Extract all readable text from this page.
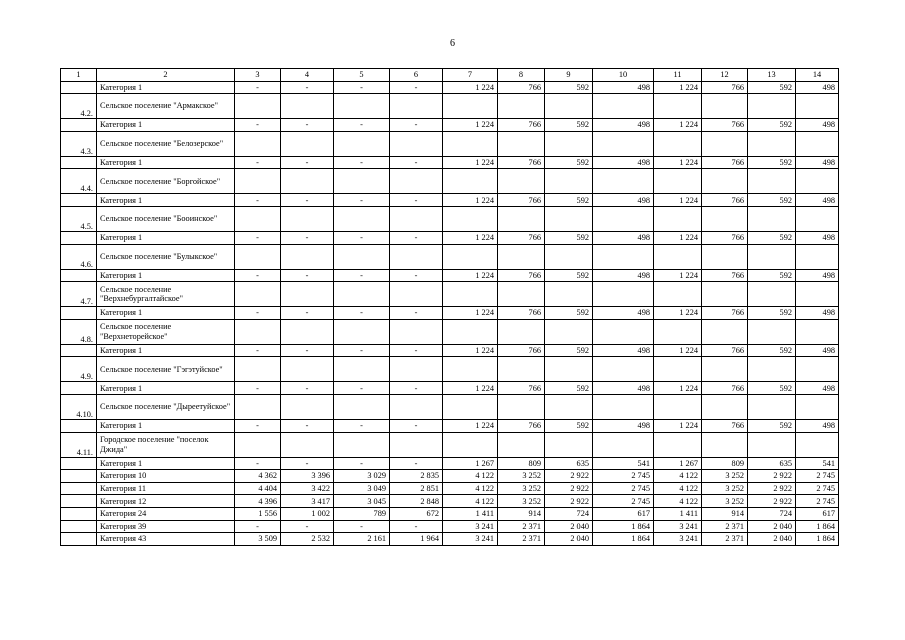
6
1	2	3	4	5	6	7	8	9	10	11	12	13	14
	Категория 1	-	-	-	-	1 224	766	592	498	1 224	766	592	498
4.2.	Сельское поселение "Армакское"												
	Категория 1	-	-	-	-	1 224	766	592	498	1 224	766	592	498
4.3.	Сельское поселение "Белозерское"												
	Категория 1	-	-	-	-	1 224	766	592	498	1 224	766	592	498
4.4.	Сельское поселение "Боргойское"												
	Категория 1	-	-	-	-	1 224	766	592	498	1 224	766	592	498
4.5.	Сельское поселение "Бооинское"												
	Категория 1	-	-	-	-	1 224	766	592	498	1 224	766	592	498
4.6.	Сельское поселение "Булыкское"												
	Категория 1	-	-	-	-	1 224	766	592	498	1 224	766	592	498
4.7.	Сельское поселение "Верхнебургалтайское"												
	Категория 1	-	-	-	-	1 224	766	592	498	1 224	766	592	498
4.8.	Сельское поселение "Верхнеторейское"												
	Категория 1	-	-	-	-	1 224	766	592	498	1 224	766	592	498
4.9.	Сельское поселение "Гэгэтуйское"												
	Категория 1	-	-	-	-	1 224	766	592	498	1 224	766	592	498
4.10.	Сельское поселение "Дыреетуйское"												
	Категория 1	-	-	-	-	1 224	766	592	498	1 224	766	592	498
4.11.	Городское поселение "поселок Джида"												
	Категория 1	-	-	-	-	1 267	809	635	541	1 267	809	635	541
	Категория 10	4 362	3 396	3 029	2 835	4 122	3 252	2 922	2 745	4 122	3 252	2 922	2 745
	Категория 11	4 404	3 422	3 049	2 851	4 122	3 252	2 922	2 745	4 122	3 252	2 922	2 745
	Категория 12	4 396	3 417	3 045	2 848	4 122	3 252	2 922	2 745	4 122	3 252	2 922	2 745
	Категория 24	1 556	1 002	789	672	1 411	914	724	617	1 411	914	724	617
	Категория 39	-	-	-	-	3 241	2 371	2 040	1 864	3 241	2 371	2 040	1 864
	Категория 43	3 509	2 532	2 161	1 964	3 241	2 371	2 040	1 864	3 241	2 371	2 040	1 864
